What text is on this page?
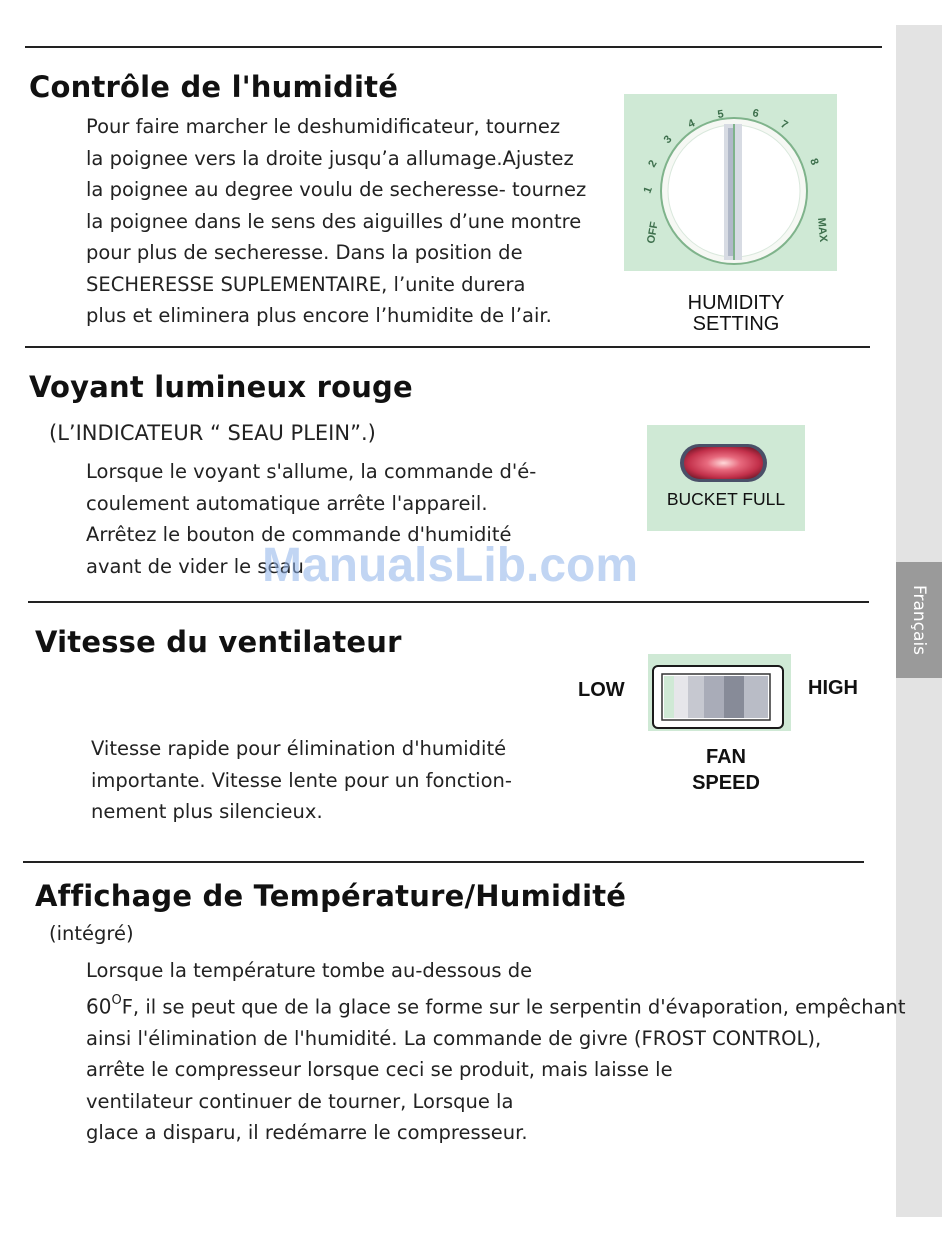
Français
Contrôle de l'humidité
Pour faire marcher le deshumidificateur, tournez
la poignee vers la droite jusqu’a allumage.Ajustez
la poignee au degree voulu de secheresse- tournez
la poignee dans le sens des aiguilles d’une montre
pour plus de secheresse. Dans la position de
SECHERESSE SUPLEMENTAIRE, l’unite durera
plus et eliminera plus encore l’humidite de l’air.
OFF
1
2
3
4
5 6
7
8
MAX
HUMIDITY
SETTING
Voyant lumineux rouge
(L’INDICATEUR “ SEAU PLEIN”.)
Lorsque le voyant s'allume, la commande d'é-
coulement automatique arrête l'appareil.
Arrêtez le bouton de commande d'humidité
avant de vider le seau
BUCKET FULL
ManualsLib.com
Vitesse du ventilateur
LOW	HIGH
FAN
SPEED
Vitesse rapide pour élimination d'humidité
importante. Vitesse lente pour un fonction-
nement plus silencieux.
Affichage de Température/Humidité
(intégré)
Lorsque la température tombe au-dessous de
$60^OF$, il se peut que de la glace se forme sur le serpentin d'évaporation, empêchant
ainsi l'élimination de l'humidité. La commande de givre (FROST CONTROL),
arrête le compresseur lorsque ceci se produit, mais laisse le
ventilateur continuer de tourner, Lorsque la
glace a disparu, il redémarre le compresseur.
